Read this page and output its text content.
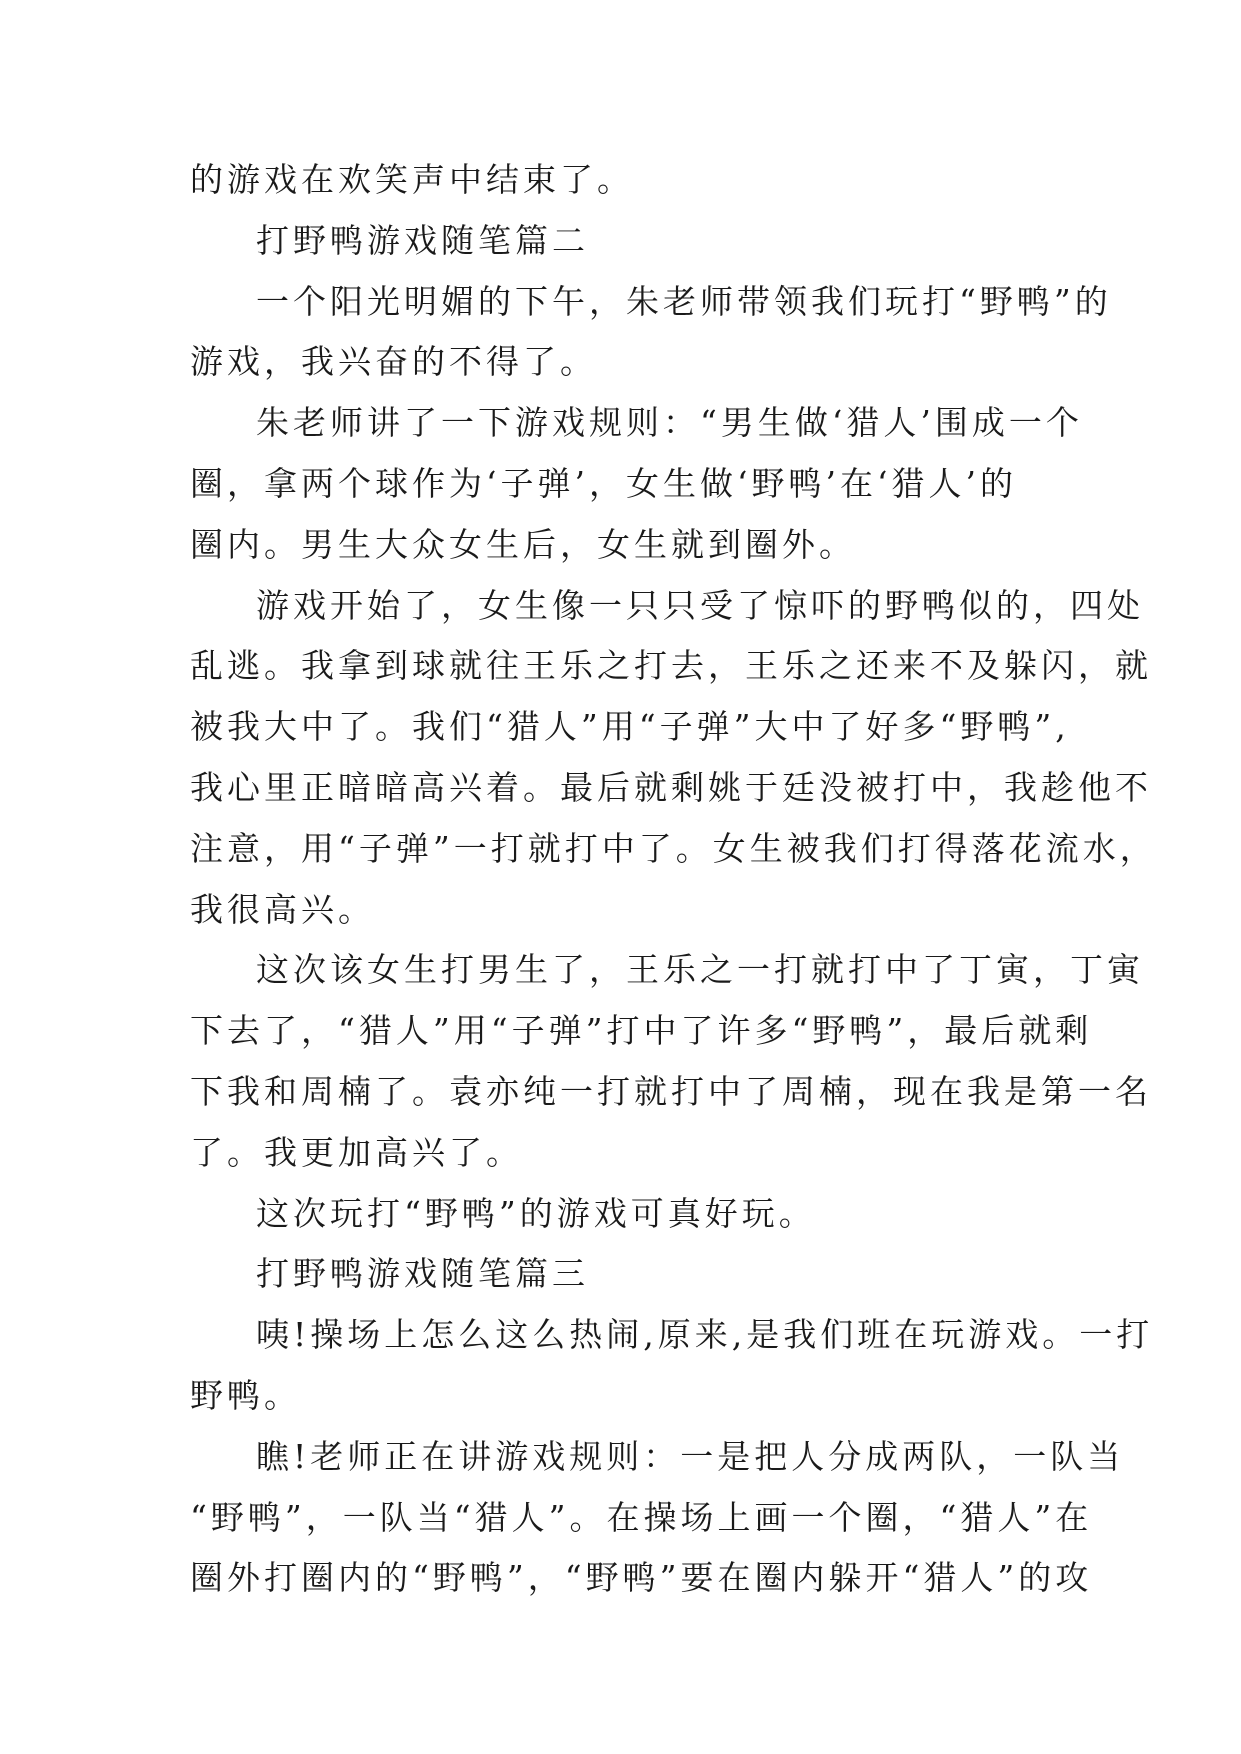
的游戏在欢笑声中结束了。
打野鸭游戏随笔篇二
一个阳光明媚的下午，朱老师带领我们玩打“野鸭”的
游戏，我兴奋的不得了。
朱老师讲了一下游戏规则：“男生做‘猎人’围成一个
圈，拿两个球作为‘子弹’，女生做‘野鸭’在‘猎人’的
圈内。男生大众女生后，女生就到圈外。
游戏开始了，女生像一只只受了惊吓的野鸭似的，四处
乱逃。我拿到球就往王乐之打去，王乐之还来不及躲闪，就
被我大中了。我们“猎人”用“子弹”大中了好多“野鸭”,
我心里正暗暗高兴着。最后就剩姚于廷没被打中，我趁他不
注意，用“子弹”一打就打中了。女生被我们打得落花流水，
我很高兴。
这次该女生打男生了，王乐之一打就打中了丁寅，丁寅
下去了，“猎人”用“子弹”打中了许多“野鸭”，最后就剩
下我和周楠了。袁亦纯一打就打中了周楠，现在我是第一名
了。我更加高兴了。
这次玩打“野鸭”的游戏可真好玩。
打野鸭游戏随笔篇三
咦!操场上怎么这么热闹,原来,是我们班在玩游戏。一打
野鸭。
瞧!老师正在讲游戏规则：一是把人分成两队，一队当
“野鸭”，一队当“猎人”。在操场上画一个圈，“猎人”在
圈外打圈内的“野鸭”，“野鸭”要在圈内躲开“猎人”的攻
